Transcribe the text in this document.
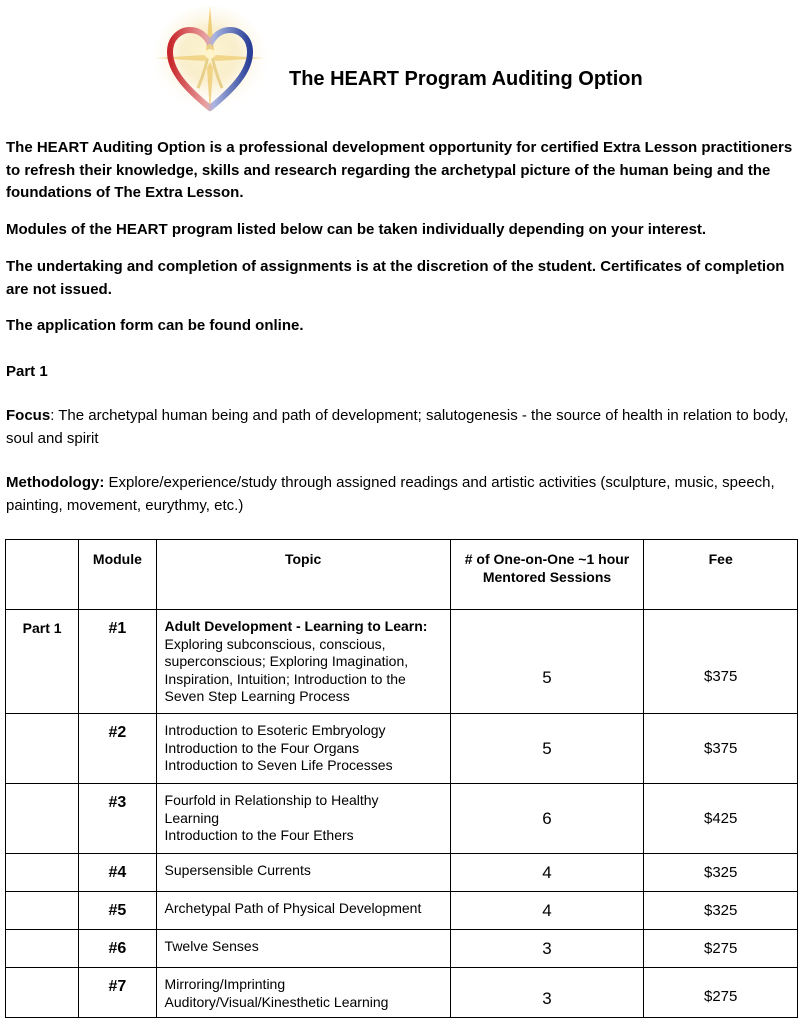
The HEART Program Auditing Option

The HEART Auditing Option is a professional development opportunity for certified Extra Lesson practitioners to refresh their knowledge, skills and research regarding the archetypal picture of the human being and the foundations of The Extra Lesson.

Modules of the HEART program listed below can be taken individually depending on your interest.

The undertaking and completion of assignments is at the discretion of the student. Certificates of completion are not issued.

The application form can be found online.

Part 1

Focus: The archetypal human being and path of development; salutogenesis - the source of health in relation to body, soul and spirit

Methodology: Explore/experience/study through assigned readings and artistic activities (sculpture, music, speech, painting, movement, eurythmy, etc.)

	Module	Topic	# of One-on-One ~1 hour Mentored Sessions	Fee
Part 1	#1	Adult Development - Learning to Learn:
Exploring subconscious, conscious, superconscious; Exploring Imagination, Inspiration, Intuition; Introduction to the Seven Step Learning Process	5	$375
	#2	Introduction to Esoteric Embryology
Introduction to the Four Organs
Introduction to Seven Life Processes	5	$375
	#3	Fourfold in Relationship to Healthy Learning
Introduction to the Four Ethers	6	$425
	#4	Supersensible Currents	4	$325
	#5	Archetypal Path of Physical Development	4	$325
	#6	Twelve Senses	3	$275
	#7	Mirroring/Imprinting
Auditory/Visual/Kinesthetic Learning	3	$275
